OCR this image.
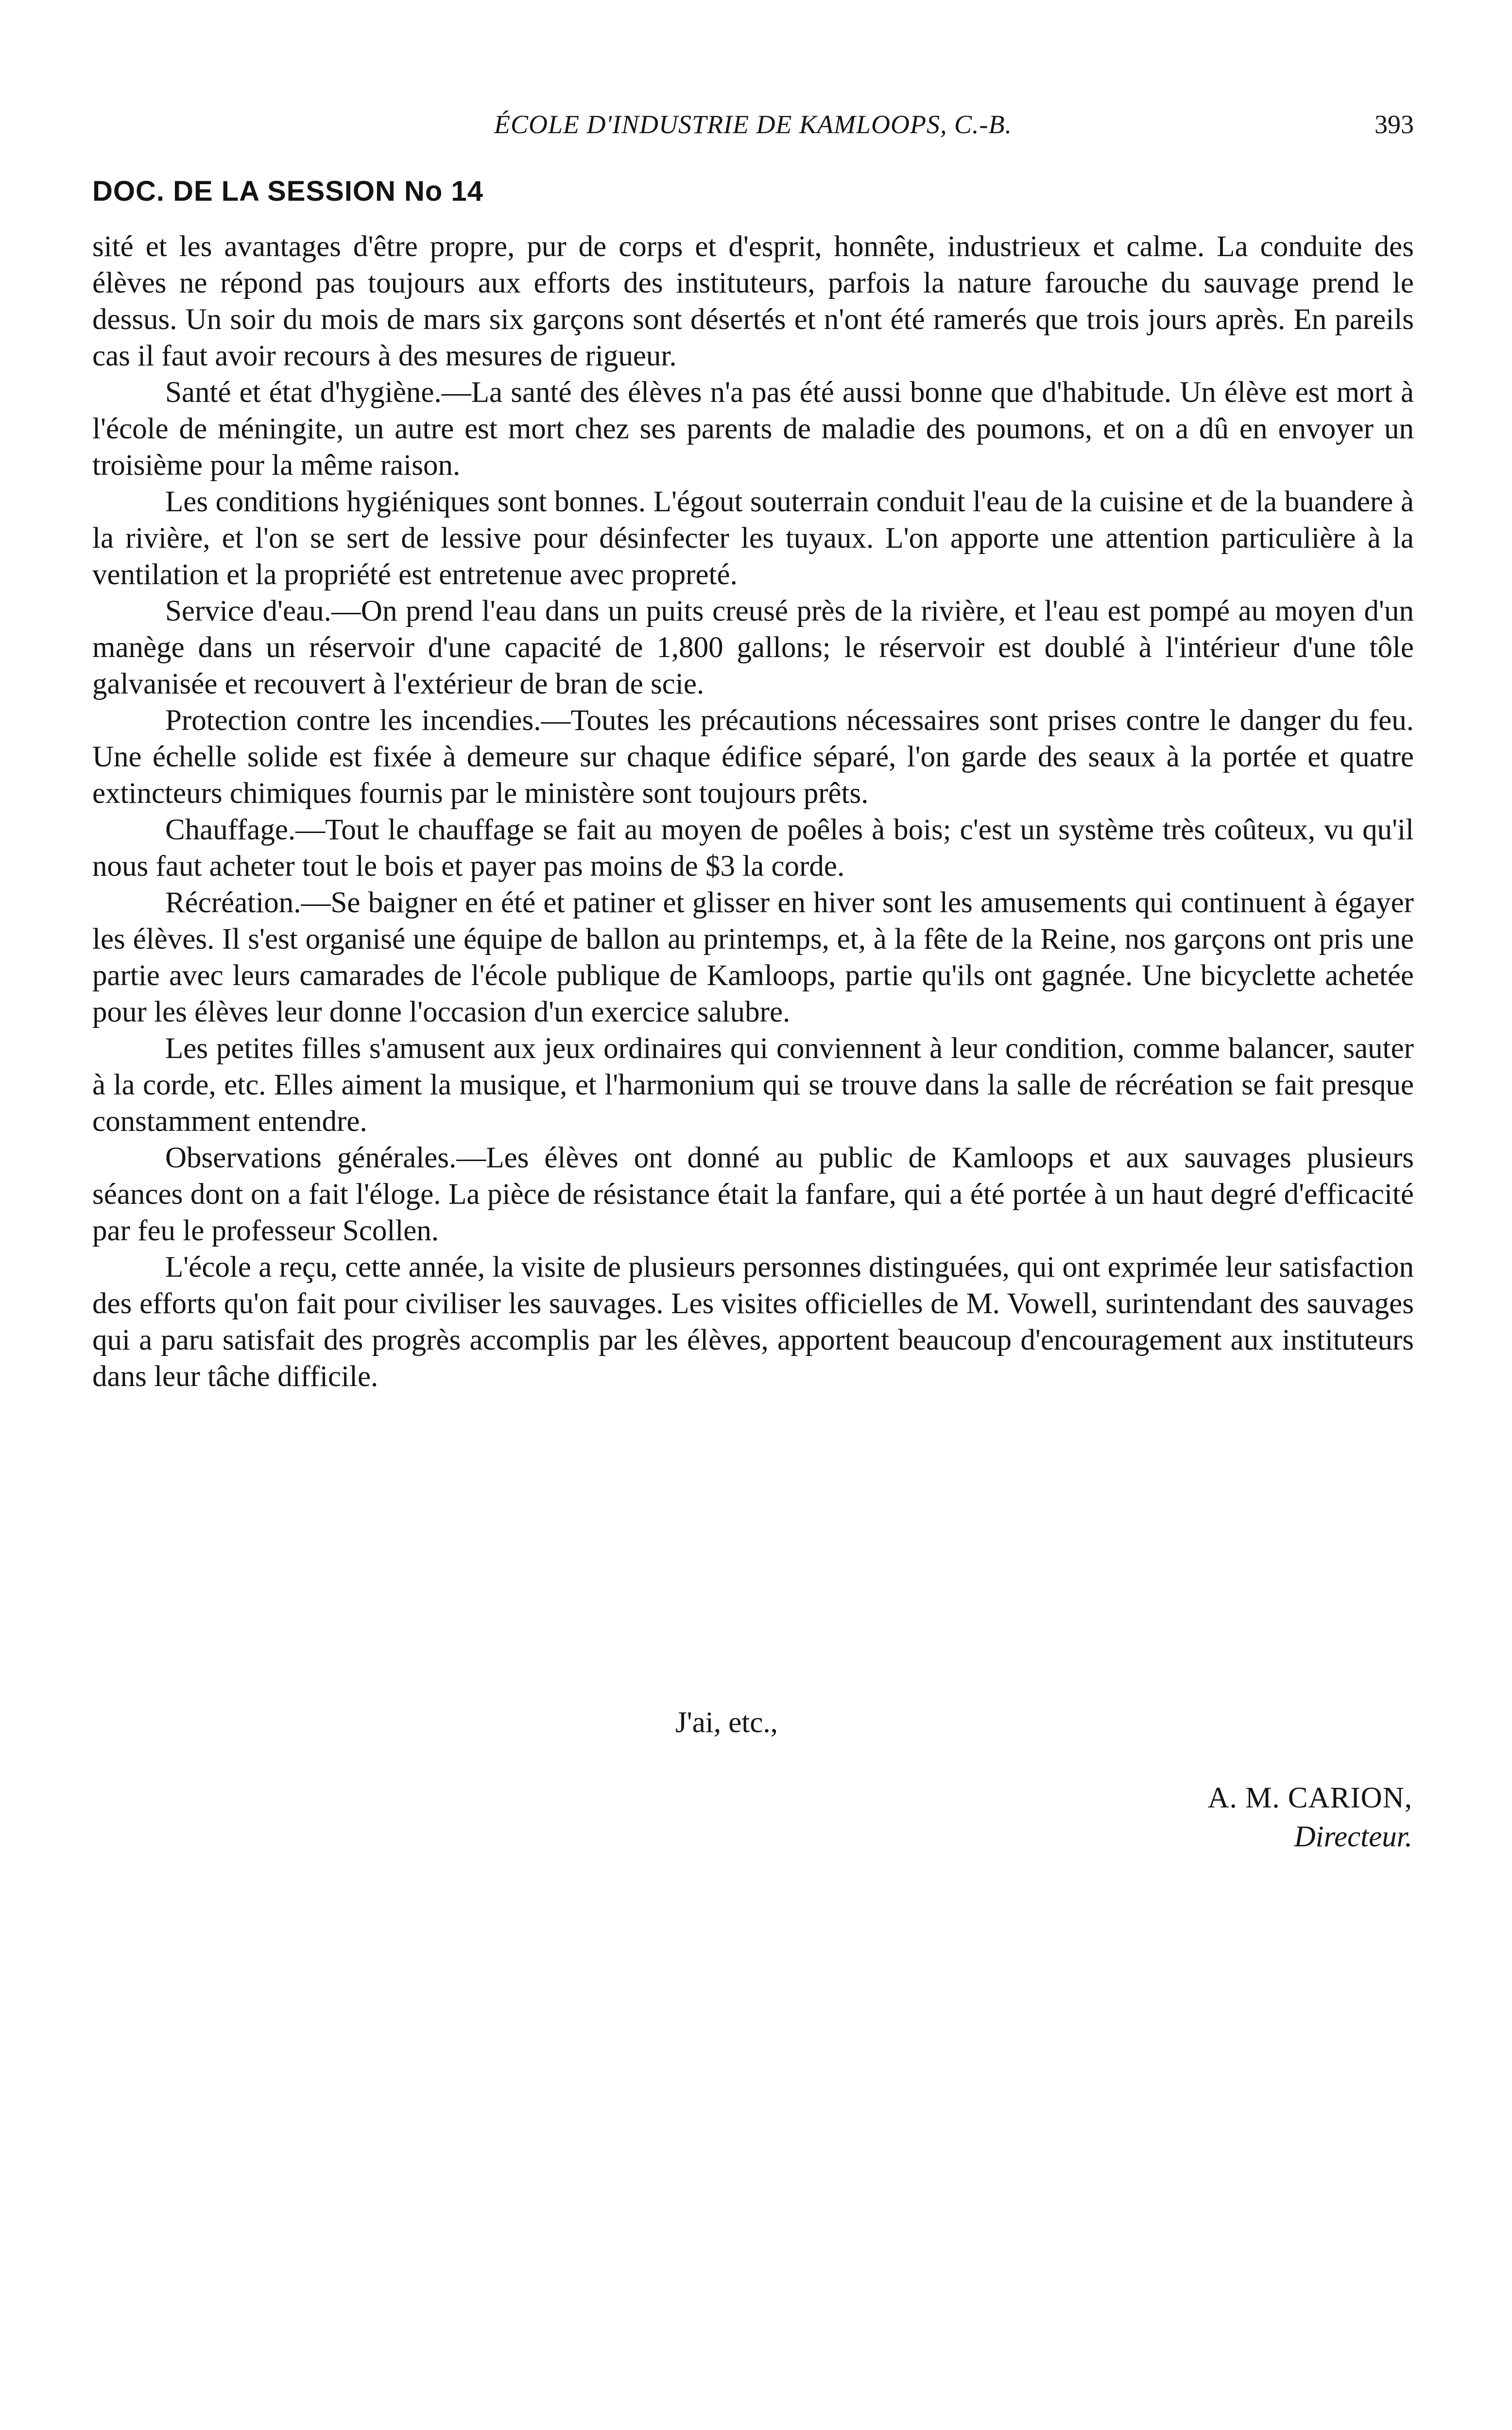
ÉCOLE D'INDUSTRIE DE KAMLOOPS, C.-B.	393
DOC. DE LA SESSION No 14

sité et les avantages d'être propre, pur de corps et d'esprit, honnête, industrieux et calme. La conduite des élèves ne répond pas toujours aux efforts des instituteurs, parfois la nature farouche du sauvage prend le dessus. Un soir du mois de mars six garçons sont désertés et n'ont été ramerés que trois jours après. En pareils cas il faut avoir recours à des mesures de rigueur.

Santé et état d'hygiène.—La santé des élèves n'a pas été aussi bonne que d'habitude. Un élève est mort à l'école de méningite, un autre est mort chez ses parents de maladie des poumons, et on a dû en envoyer un troisième pour la même raison.

Les conditions hygiéniques sont bonnes. L'égout souterrain conduit l'eau de la cuisine et de la buandere à la rivière, et l'on se sert de lessive pour désinfecter les tuyaux. L'on apporte une attention particulière à la ventilation et la propriété est entretenue avec propreté.

Service d'eau.—On prend l'eau dans un puits creusé près de la rivière, et l'eau est pompé au moyen d'un manège dans un réservoir d'une capacité de 1,800 gallons; le réservoir est doublé à l'intérieur d'une tôle galvanisée et recouvert à l'extérieur de bran de scie.

Protection contre les incendies.—Toutes les précautions nécessaires sont prises contre le danger du feu. Une échelle solide est fixée à demeure sur chaque édifice séparé, l'on garde des seaux à la portée et quatre extincteurs chimiques fournis par le ministère sont toujours prêts.

Chauffage.—Tout le chauffage se fait au moyen de poêles à bois; c'est un système très coûteux, vu qu'il nous faut acheter tout le bois et payer pas moins de $3 la corde.

Récréation.—Se baigner en été et patiner et glisser en hiver sont les amusements qui continuent à égayer les élèves. Il s'est organisé une équipe de ballon au printemps, et, à la fête de la Reine, nos garçons ont pris une partie avec leurs camarades de l'école publique de Kamloops, partie qu'ils ont gagnée. Une bicyclette achetée pour les élèves leur donne l'occasion d'un exercice salubre.

Les petites filles s'amusent aux jeux ordinaires qui conviennent à leur condition, comme balancer, sauter à la corde, etc. Elles aiment la musique, et l'harmonium qui se trouve dans la salle de récréation se fait presque constamment entendre.

Observations générales.—Les élèves ont donné au public de Kamloops et aux sauvages plusieurs séances dont on a fait l'éloge. La pièce de résistance était la fanfare, qui a été portée à un haut degré d'efficacité par feu le professeur Scollen.

L'école a reçu, cette année, la visite de plusieurs personnes distinguées, qui ont exprimée leur satisfaction des efforts qu'on fait pour civiliser les sauvages. Les visites officielles de M. Vowell, surintendant des sauvages qui a paru satisfait des progrès accomplis par les élèves, apportent beaucoup d'encouragement aux instituteurs dans leur tâche difficile.

J'ai, etc.,
A. M. CARION,
Directeur.
